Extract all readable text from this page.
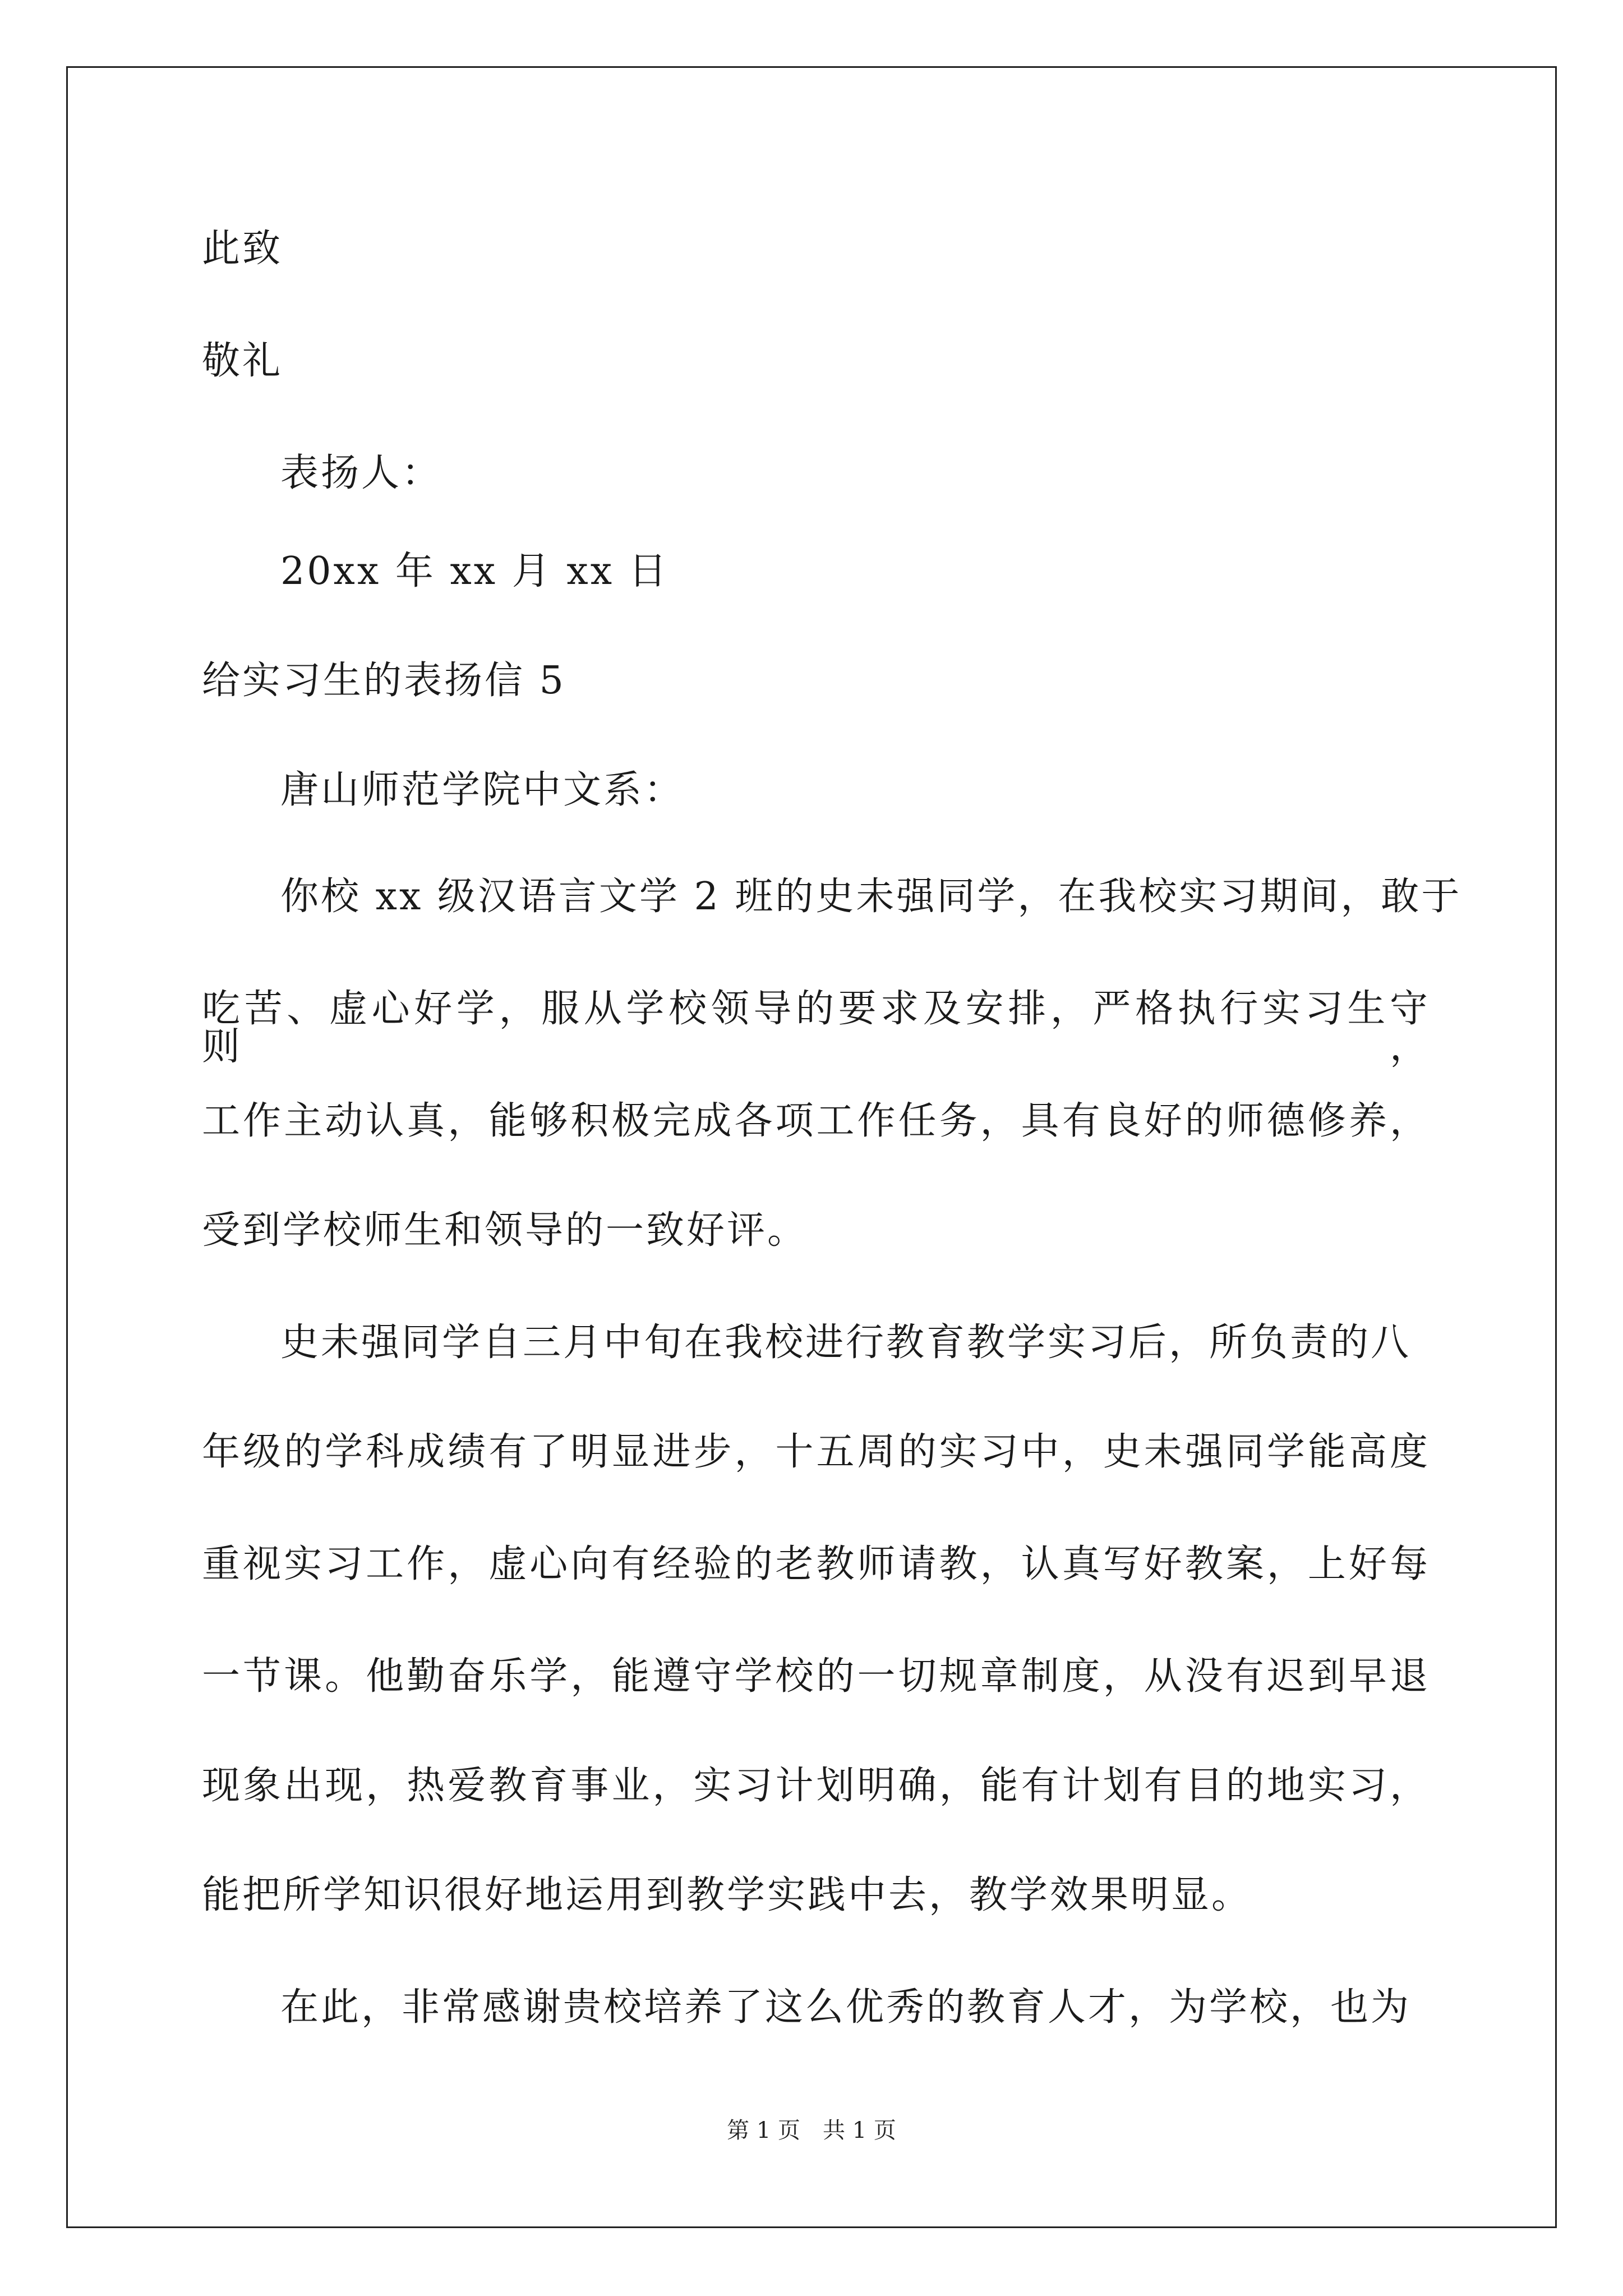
此致
敬礼
表扬人：
20xx 年 xx 月 xx 日
给实习生的表扬信 5
唐山师范学院中文系：
你校 xx 级汉语言文学 2 班的史未强同学，在我校实习期间，敢于
吃苦、虚心好学，服从学校领导的要求及安排，严格执行实习生守则，
工作主动认真，能够积极完成各项工作任务，具有良好的师德修养，
受到学校师生和领导的一致好评。
史未强同学自三月中旬在我校进行教育教学实习后，所负责的八
年级的学科成绩有了明显进步，十五周的实习中，史未强同学能高度
重视实习工作，虚心向有经验的老教师请教，认真写好教案，上好每
一节课。他勤奋乐学，能遵守学校的一切规章制度，从没有迟到早退
现象出现，热爱教育事业，实习计划明确，能有计划有目的地实习，
能把所学知识很好地运用到教学实践中去，教学效果明显。
在此，非常感谢贵校培养了这么优秀的教育人才，为学校，也为
第 1 页　共 1 页
